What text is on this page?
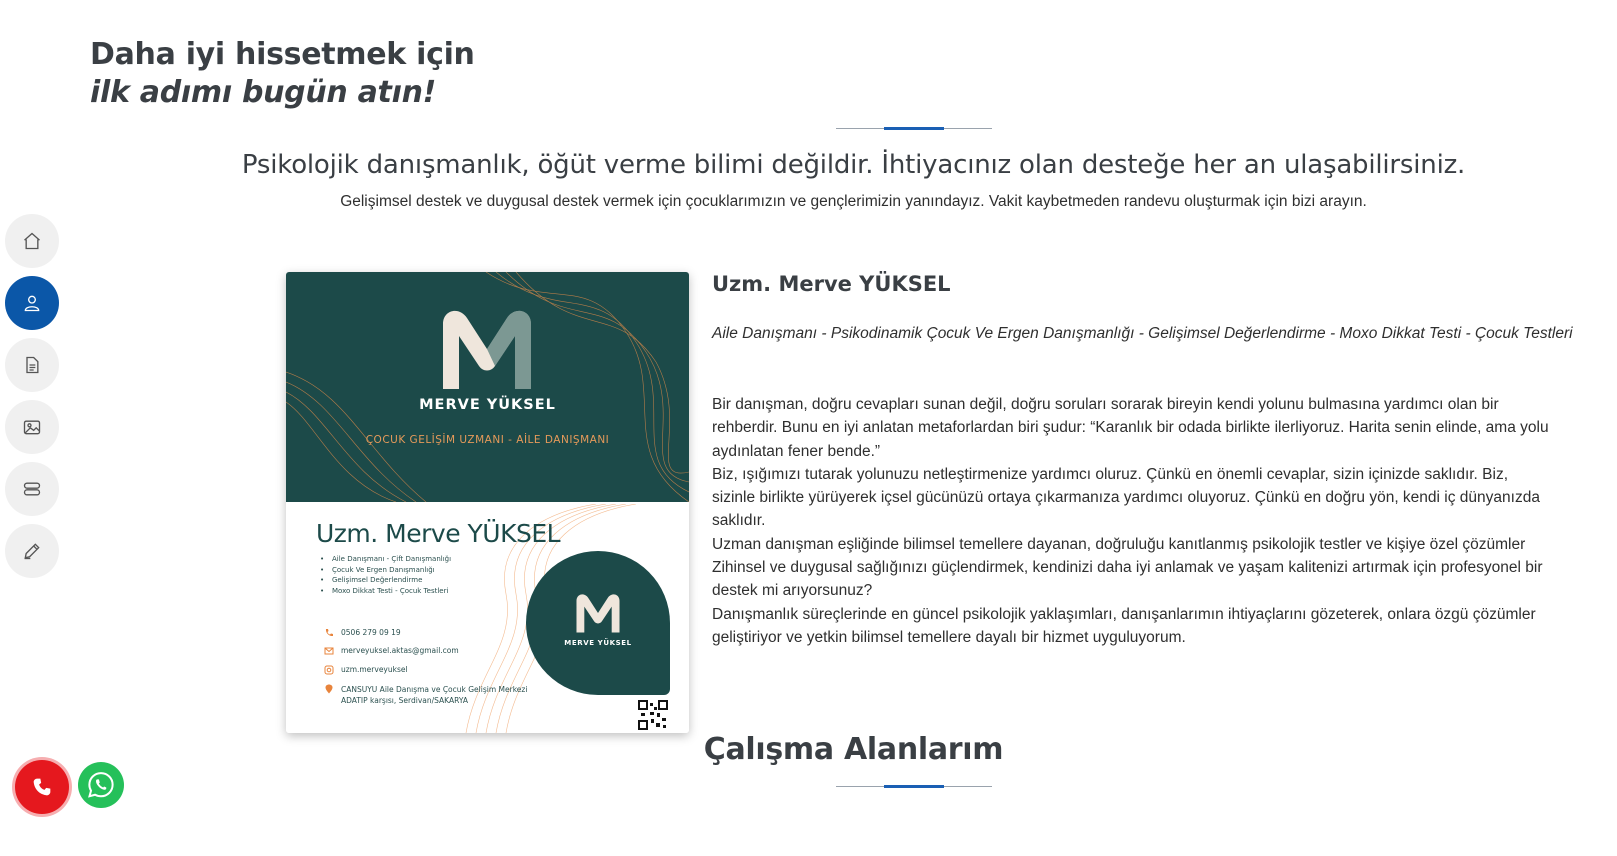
Daha iyi hissetmek için
ilk adımı bugün atın!
Psikolojik danışmanlık, öğüt verme bilimi değildir. İhtiyacınız olan desteğe her an ulaşabilirsiniz.
Gelişimsel destek ve duygusal destek vermek için çocuklarımızın ve gençlerimizin yanındayız. Vakit kaybetmeden randevu oluşturmak için bizi arayın.
MERVE YÜKSEL
ÇOCUK GELİŞİM UZMANI - AİLE DANIŞMANI
Uzm. Merve YÜKSEL
• Aile Danışmanı - Çift Danışmanlığı
• Çocuk Ve Ergen Danışmanlığı
• Gelişimsel Değerlendirme
• Moxo Dikkat Testi - Çocuk Testleri
0506 279 09 19
merveyuksel.aktas@gmail.com
uzm.merveyuksel
CANSUYU Aile Danışma ve Çocuk Gelişim Merkezi
ADATIP karşısı, Serdivan/SAKARYA
MERVE YÜKSEL
Uzm. Merve YÜKSEL
Aile Danışmanı - Psikodinamik Çocuk Ve Ergen Danışmanlığı - Gelişimsel Değerlendirme - Moxo Dikkat Testi - Çocuk Testleri

Bir danışman, doğru cevapları sunan değil, doğru soruları sorarak bireyin kendi yolunu bulmasına yardımcı olan bir rehberdir. Bunu en iyi anlatan metaforlardan biri şudur: “Karanlık bir odada birlikte ilerliyoruz. Harita senin elinde, ama yolu aydınlatan fener bende.”

Biz, ışığımızı tutarak yolunuzu netleştirmenize yardımcı oluruz. Çünkü en önemli cevaplar, sizin içinizde saklıdır. Biz, sizinle birlikte yürüyerek içsel gücünüzü ortaya çıkarmanıza yardımcı oluyoruz. Çünkü en doğru yön, kendi iç dünyanızda saklıdır.

Uzman danışman eşliğinde bilimsel temellere dayanan, doğruluğu kanıtlanmış psikolojik testler ve kişiye özel çözümler

Zihinsel ve duygusal sağlığınızı güçlendirmek, kendinizi daha iyi anlamak ve yaşam kalitenizi artırmak için profesyonel bir destek mi arıyorsunuz?

Danışmanlık süreçlerinde en güncel psikolojik yaklaşımları, danışanlarımın ihtiyaçlarını gözeterek, onlara özgü çözümler geliştiriyor ve yetkin bilimsel temellere dayalı bir hizmet uyguluyorum.

Çalışma Alanlarım
